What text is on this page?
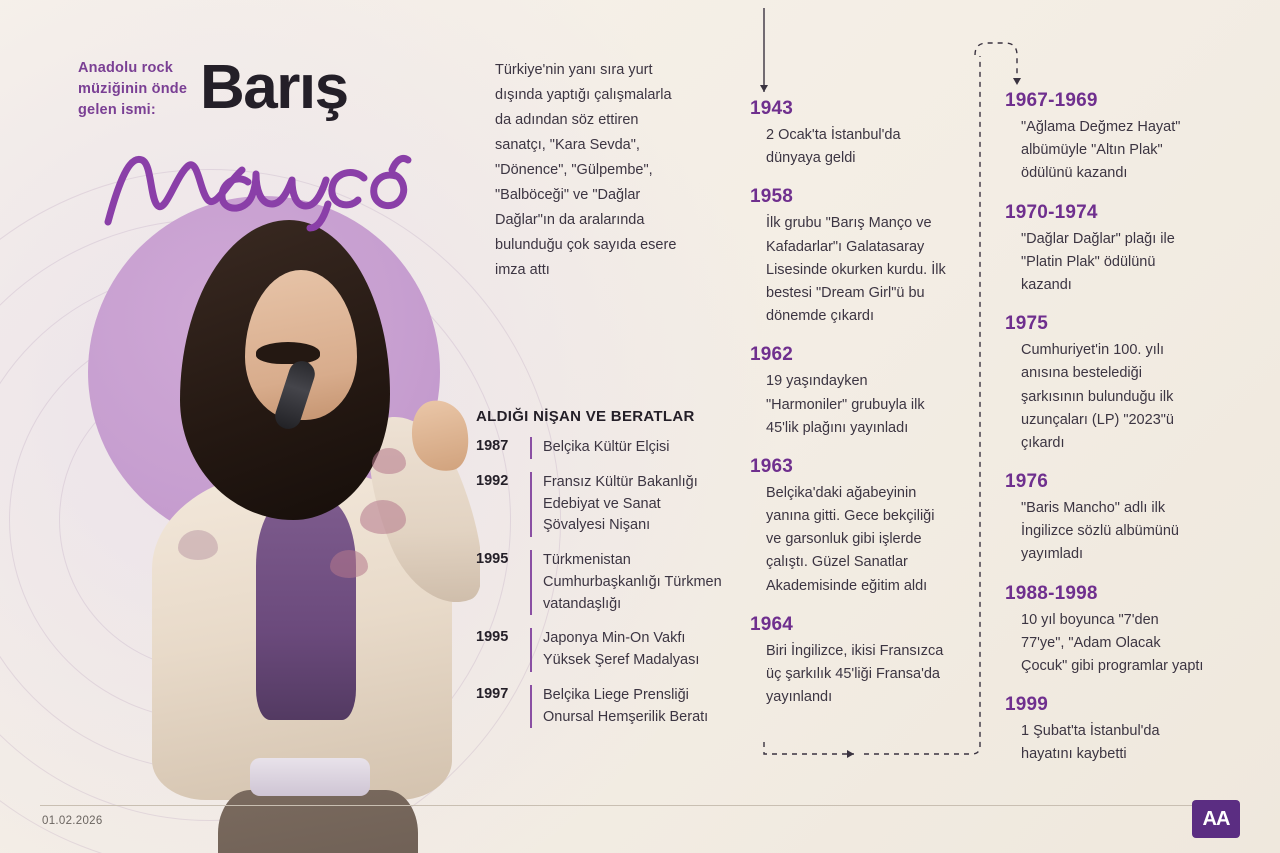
Anadolu rock müziğinin önde gelen ismi: Barış	Türkiye'nin yanı sıra yurt dışında yaptığı çalışmalarla da adından söz ettiren sanatçı, "Kara Sevda", "Dönence", "Gülpembe", "Balböceği" ve "Dağlar Dağlar"ın da aralarında bulunduğu çok sayıda esere imza attı
ALDIĞI NİŞAN VE BERATLAR
1987	Belçika Kültür Elçisi
1992	Fransız Kültür Bakanlığı Edebiyat ve Sanat Şövalyesi Nişanı
1995	Türkmenistan Cumhurbaşkanlığı Türkmen vatandaşlığı
1995	Japonya Min-On Vakfı Yüksek Şeref Madalyası
1997	Belçika Liege Prensliği Onursal Hemşerilik Beratı
1943
2 Ocak'ta İstanbul'da dünyaya geldi
1958
İlk grubu "Barış Manço ve Kafadarlar"ı Galatasaray Lisesinde okurken kurdu. İlk bestesi "Dream Girl"ü bu dönemde çıkardı
1962
19 yaşındayken "Harmoniler" grubuyla ilk 45'lik plağını yayınladı
1963
Belçika'daki ağabeyinin yanına gitti. Gece bekçiliği ve garsonluk gibi işlerde çalıştı. Güzel Sanatlar Akademisinde eğitim aldı
1964
Biri İngilizce, ikisi Fransızca üç şarkılık 45'liği Fransa'da yayınlandı
1967-1969
"Ağlama Değmez Hayat" albümüyle "Altın Plak" ödülünü kazandı
1970-1974
"Dağlar Dağlar" plağı ile "Platin Plak" ödülünü kazandı
1975
Cumhuriyet'in 100. yılı anısına bestelediği şarkısının bulunduğu ilk uzunçaları (LP) "2023"ü çıkardı
1976
"Baris Mancho" adlı ilk İngilizce sözlü albümünü yayımladı
1988-1998
10 yıl boyunca "7'den 77'ye", "Adam Olacak Çocuk" gibi programlar yaptı
1999
1 Şubat'ta İstanbul'da hayatını kaybetti
01.02.2026	AA
